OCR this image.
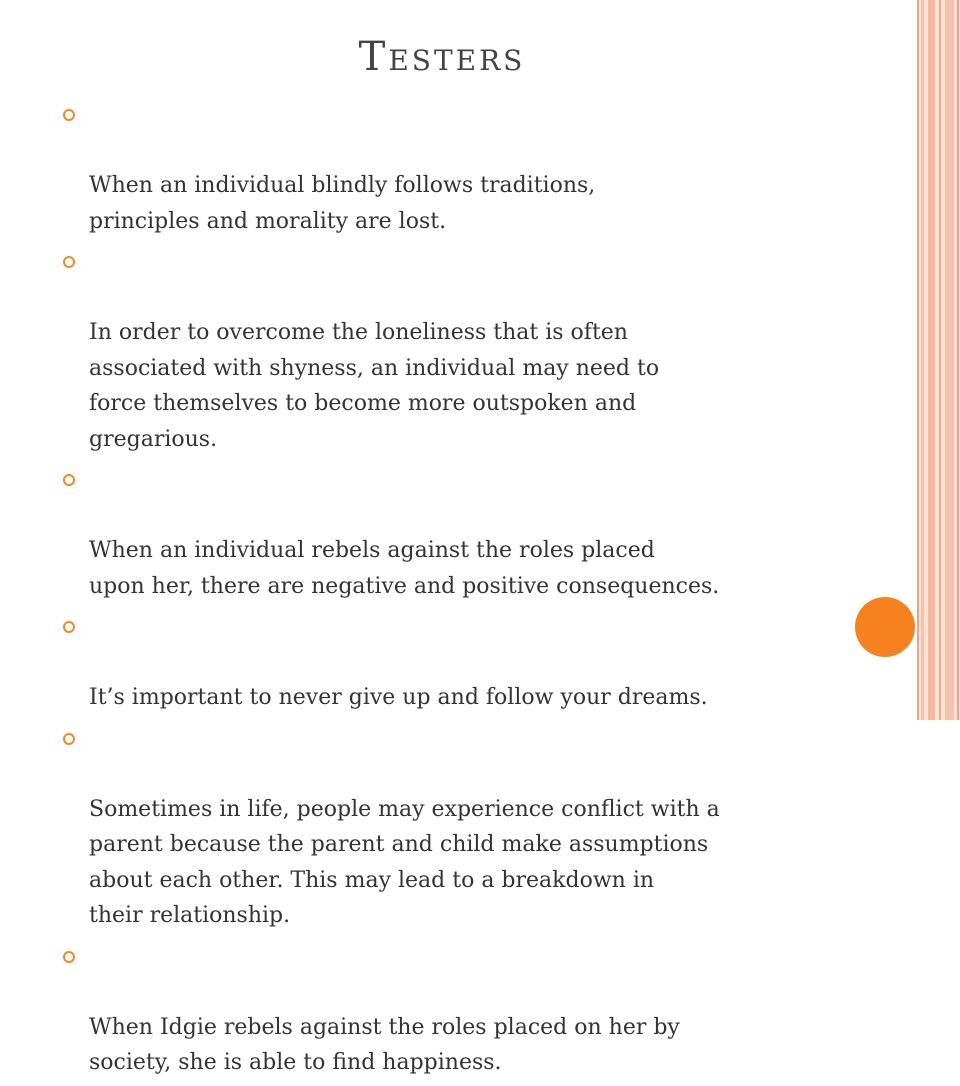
Testers

When an individual blindly follows traditions,
principles and morality are lost.

In order to overcome the loneliness that is often
associated with shyness, an individual may need to
force themselves to become more outspoken and
gregarious.

When an individual rebels against the roles placed
upon her, there are negative and positive consequences.

It’s important to never give up and follow your dreams.

Sometimes in life, people may experience conflict with a
parent because the parent and child make assumptions
about each other. This may lead to a breakdown in
their relationship.

When Idgie rebels against the roles placed on her by
society, she is able to find happiness.
